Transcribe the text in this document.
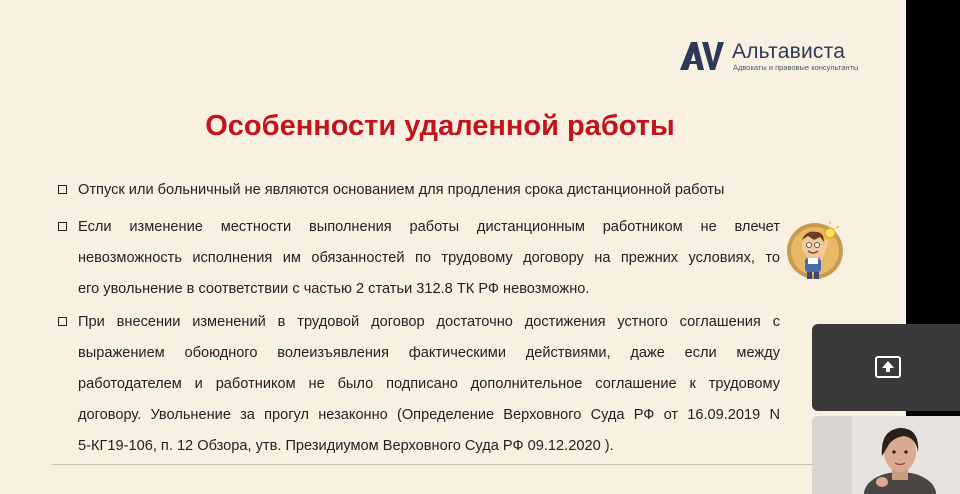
Альтависта
Адвокаты и правовые консультанты
Особенности удаленной работы
Отпуск или больничный не являются основанием для продления срока дистанционной работы
Если изменение местности выполнения работы дистанционным работником не влечет
невозможность исполнения им обязанностей по трудовому договору на прежних условиях, то
его увольнение в соответствии с частью 2 статьи 312.8 ТК РФ невозможно.
При внесении изменений в трудовой договор достаточно достижения устного соглашения с
выражением обоюдного волеизъявления фактическими действиями, даже если между
работодателем и работником не было подписано дополнительное соглашение к трудовому
договору. Увольнение за прогул незаконно (Определение Верховного Суда РФ от 16.09.2019 N
5-КГ19-106, п. 12 Обзора, утв. Президиумом Верховного Суда РФ 09.12.2020 ).
